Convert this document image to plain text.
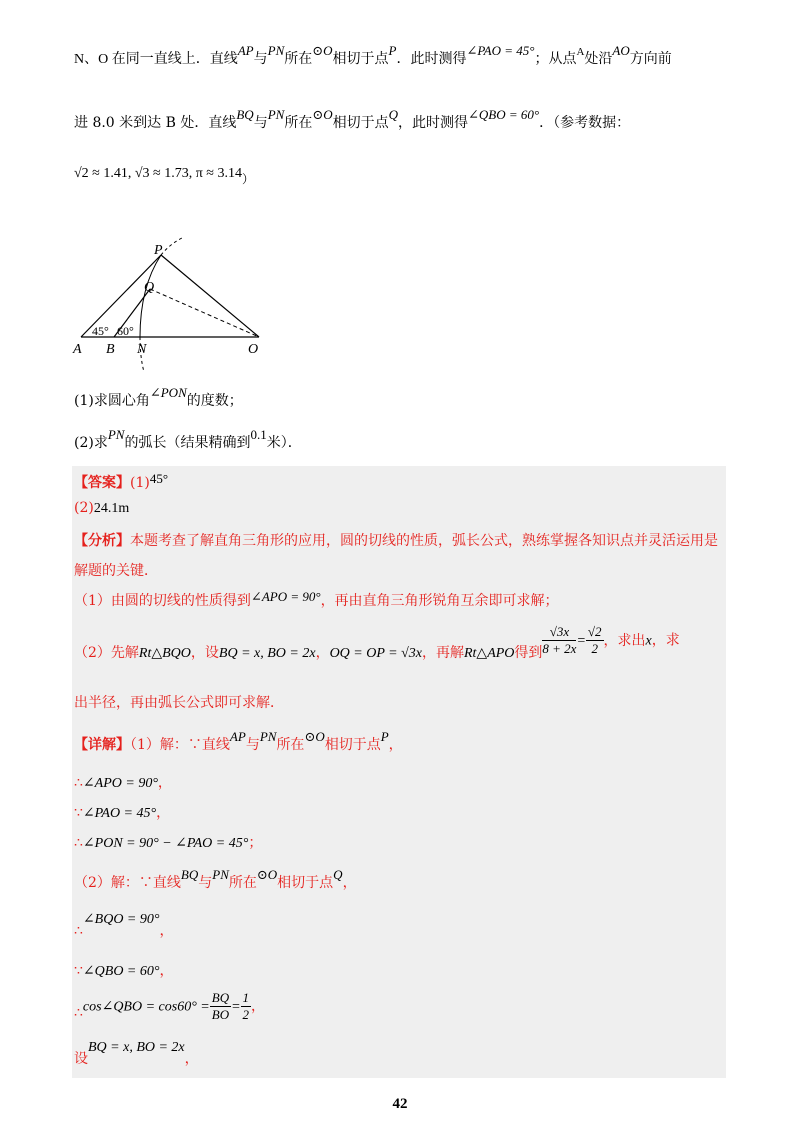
N、O 在同一直线上．直线AP与PN所在⊙O相切于点P．此时测得∠PAO = 45°；从点$^A$处沿AO方向前
进 8.0 米到达 B 处．直线BQ与PN所在⊙O相切于点Q，此时测得∠QBO = 60°．（参考数据：
√2 ≈ 1.41, √3 ≈ 1.73, π ≈ 3.14）
P
Q
A B N	O
45° 60°
(1)求圆心角∠PON的度数；
(2)求PN的弧长（结果精确到0.1米）．
【答案】(1)45°
(2)24.1m
【分析】本题考查了解直角三角形的应用，圆的切线的性质，弧长公式，熟练掌握各知识点并灵活运用是
解题的关键．
（1）由圆的切线的性质得到∠APO = 90°，再由直角三角形锐角互余即可求解；
（2）先解Rt△BQO，设BQ = x, BO = 2x，OQ = OP = √3x，再解Rt△APO得到 $\frac{√3x}{8 + 2x} = \frac{√2}{2}$ ，求出x，求
出半径，再由弧长公式即可求解．
【详解】（1）解：∵直线AP与PN所在⊙O相切于点P，
∴∠APO = 90°，
∵∠PAO = 45°，
∴∠PON = 90° − ∠PAO = 45°；
（2）解：∵直线BQ与PN所在⊙O相切于点Q，
∴∠BQO = 90°，
∵∠QBO = 60°，
∴cos∠QBO = $\cos 60^\circ = \frac{BQ}{BO} = \frac{1}{2}$ ，
设BQ = x, BO = 2x，
42
